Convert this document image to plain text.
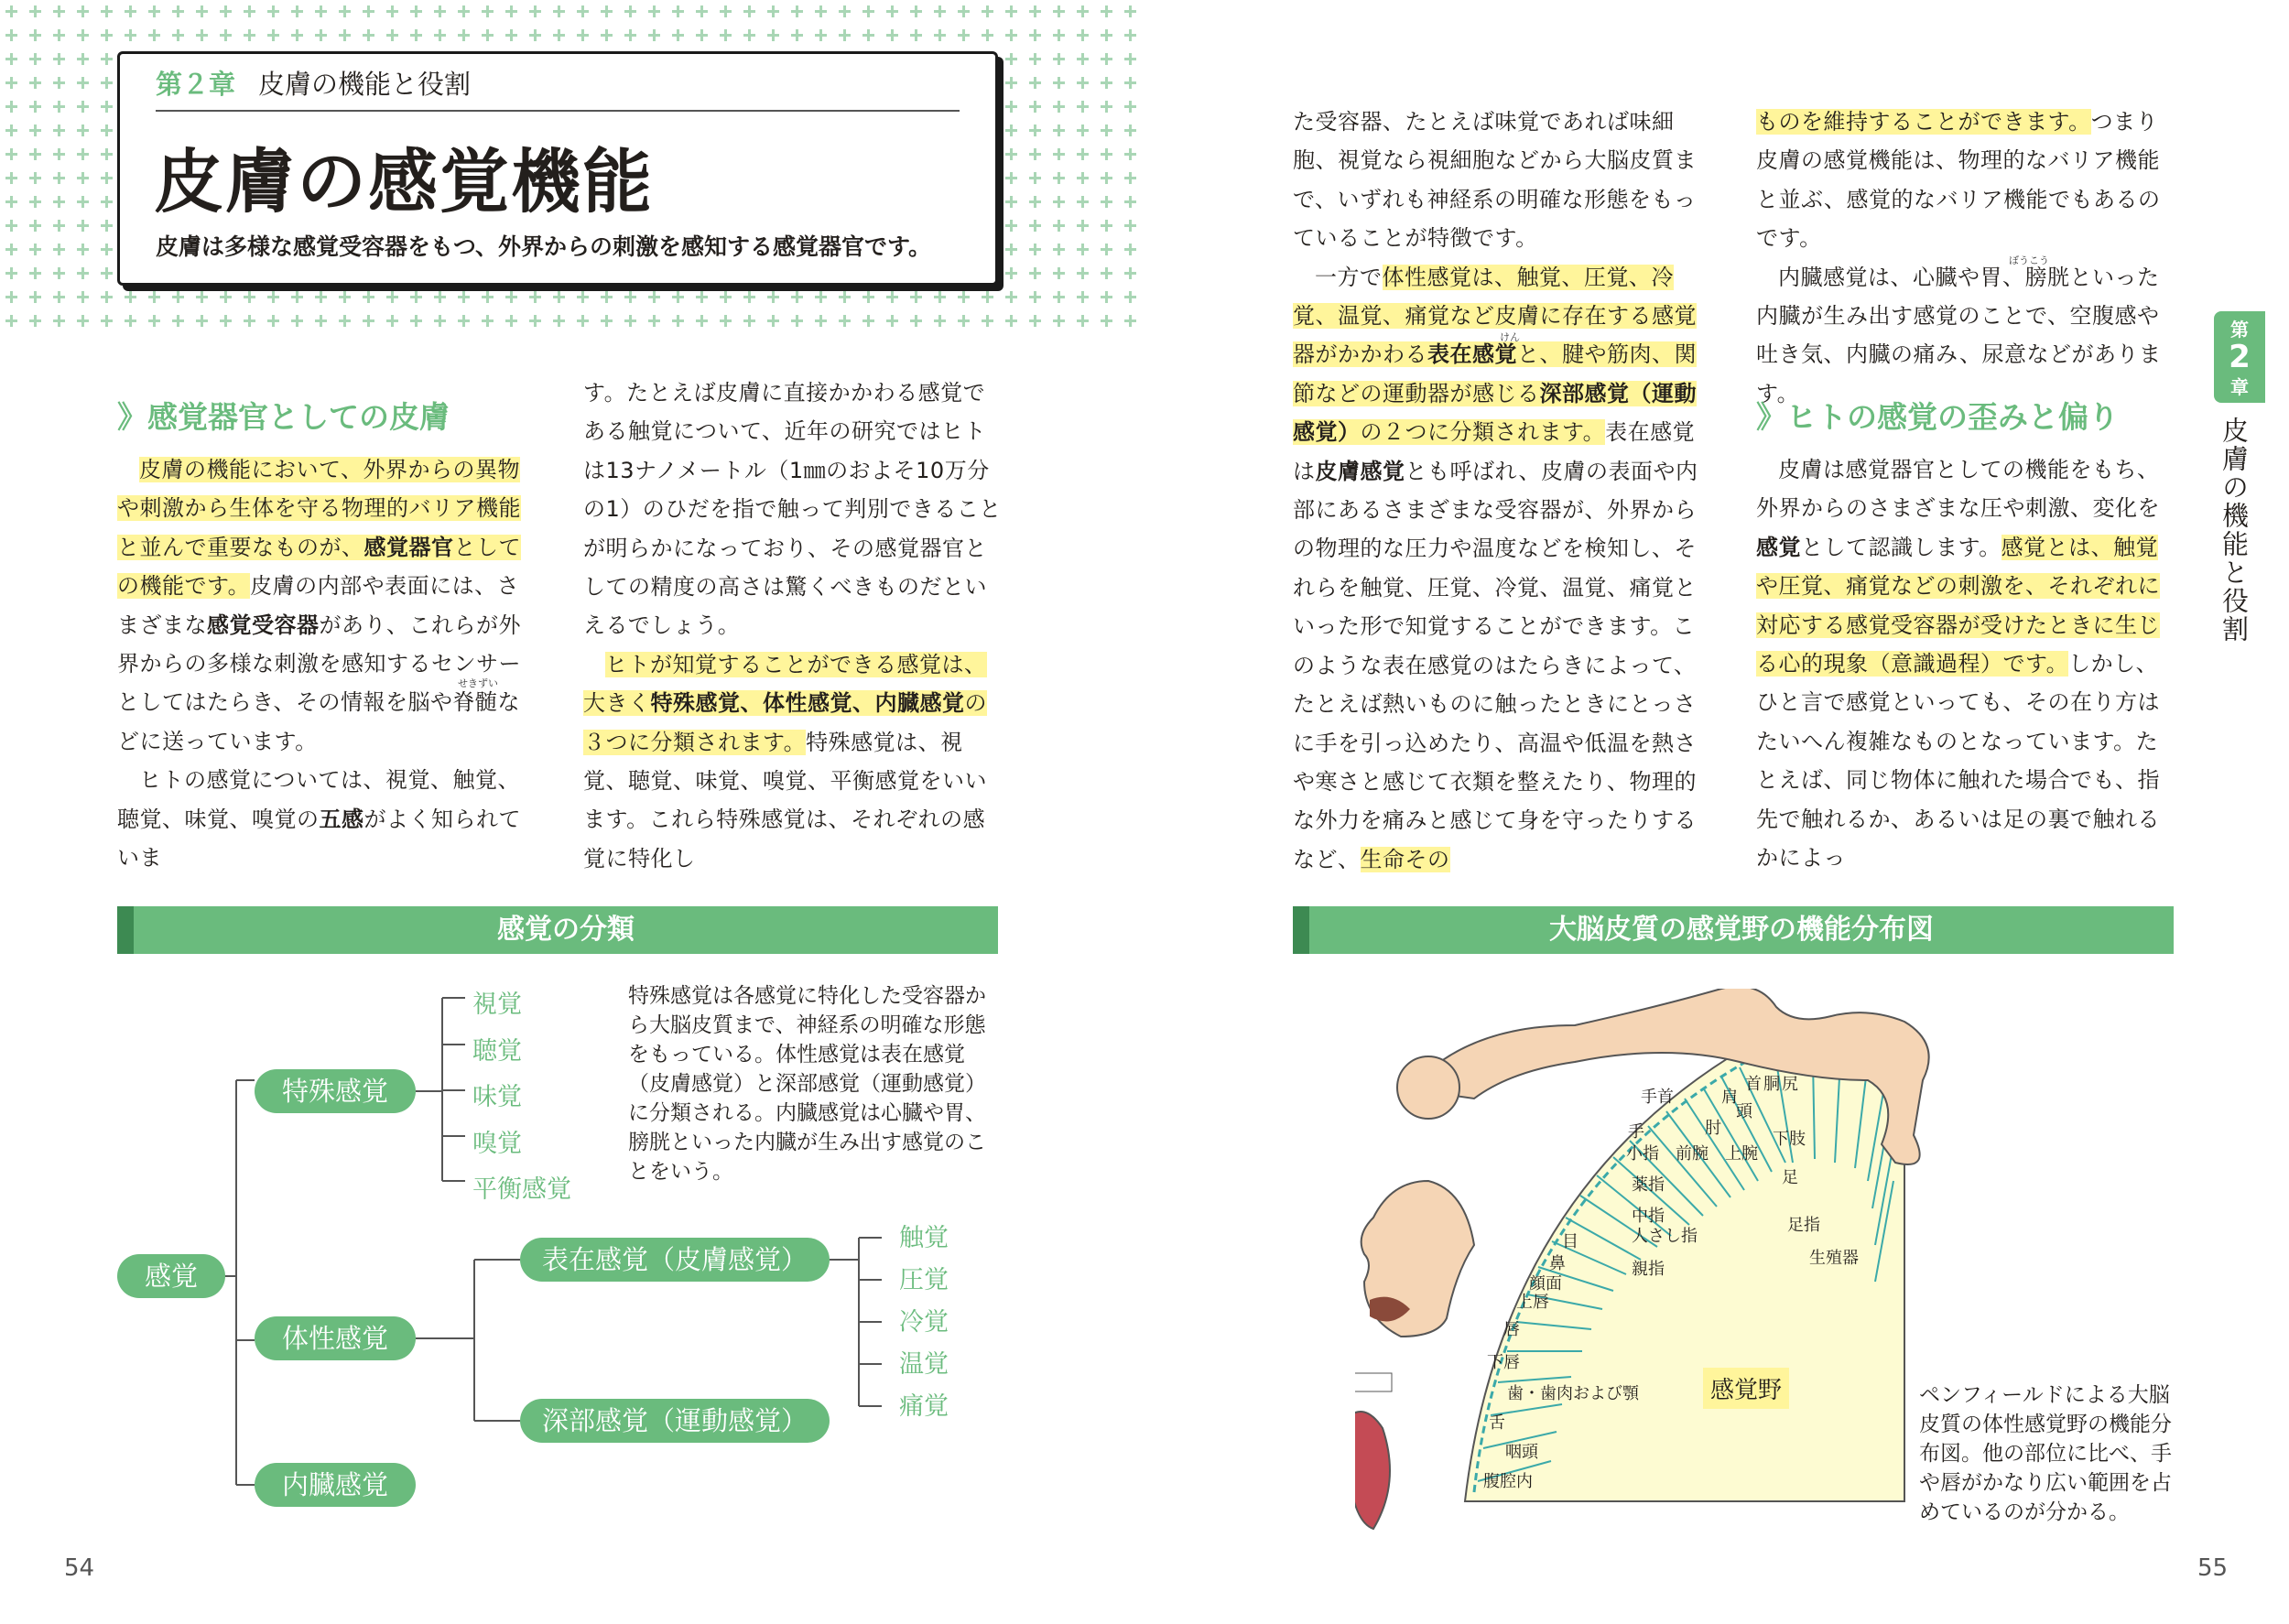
第２章 皮膚の機能と役割
皮膚の感覚機能
皮膚は多様な感覚受容器をもつ、外界からの刺激を感知する感覚器官です。
》感覚器官としての皮膚

皮膚の機能において、外界からの異物や刺激から生体を守る物理的バリア機能と並んで重要なものが、感覚器官としての機能です。皮膚の内部や表面には、さまざまな感覚受容器があり、これらが外界からの多様な刺激を感知するセンサーとしてはたらき、その情報を脳や脊髄などに送っています。

ヒトの感覚については、視覚、触覚、聴覚、味覚、嗅覚の五感がよく知られていま

せきずい

す。たとえば皮膚に直接かかわる感覚である触覚について、近年の研究ではヒトは13ナノメートル（1㎜のおよそ10万分の1）のひだを指で触って判別できることが明らかになっており、その感覚器官としての精度の高さは驚くべきものだといえるでしょう。

ヒトが知覚することができる感覚は、大きく特殊感覚、体性感覚、内臓感覚の３つに分類されます。特殊感覚は、視覚、聴覚、味覚、嗅覚、平衡感覚をいいます。これら特殊感覚は、それぞれの感覚に特化し

た受容器、たとえば味覚であれば味細胞、視覚なら視細胞などから大脳皮質まで、いずれも神経系の明確な形態をもっていることが特徴です。

一方で体性感覚は、触覚、圧覚、冷覚、温覚、痛覚など皮膚に存在する感覚器がかかわる表在感覚と、腱や筋肉、関節などの運動器が感じる深部感覚（運動感覚）の２つに分類されます。表在感覚は皮膚感覚とも呼ばれ、皮膚の表面や内部にあるさまざまな受容器が、外界からの物理的な圧力や温度などを検知し、それらを触覚、圧覚、冷覚、温覚、痛覚といった形で知覚することができます。このような表在感覚のはたらきによって、たとえば熱いものに触ったときにとっさに手を引っ込めたり、高温や低温を熱さや寒さと感じて衣類を整えたり、物理的な外力を痛みと感じて身を守ったりするなど、生命その

けん

ものを維持することができます。つまり皮膚の感覚機能は、物理的なバリア機能と並ぶ、感覚的なバリア機能でもあるのです。

内臓感覚は、心臓や胃、膀胱といった内臓が生み出す感覚のことで、空腹感や吐き気、内臓の痛み、尿意などがあります。

ぼうこう
》ヒトの感覚の歪みと偏り

皮膚は感覚器官としての機能をもち、外界からのさまざまな圧や刺激、変化を感覚として認識します。感覚とは、触覚や圧覚、痛覚などの刺激を、それぞれに対応する感覚受容器が受けたときに生じる心的現象（意識過程）です。しかし、ひと言で感覚といっても、その在り方はたいへん複雑なものとなっています。たとえば、同じ物体に触れた場合でも、指先で触れるか、あるいは足の裏で触れるかによっ

第
2
章
皮膚の機能と役割
感覚の分類
感覚
特殊感覚
体性感覚
内臓感覚
表在感覚（皮膚感覚）
深部感覚（運動感覚）
視覚
聴覚
味覚
嗅覚
平衡感覚
触覚
圧覚
冷覚
温覚
痛覚
特殊感覚は各感覚に特化した受容器から大脳皮質まで、神経系の明確な形態をもっている。体性感覚は表在感覚（皮膚感覚）と深部感覚（運動感覚）に分類される。内臓感覚は心臓や胃、膀胱といった内臓が生み出す感覚のことをいう。
大脳皮質の感覚野の機能分布図
手首	肩
首 胴 尻
頭
手	肘
下肢
小指 前腕 上腕
足
薬指
中指
人さし指
親指
足指
生殖器
目
鼻
顔面
上唇
唇
下唇
歯・歯肉および顎
舌
咽頭
腹腔内
感覚野	ペンフィールドによる大脳皮質の体性感覚野の機能分布図。他の部位に比べ、手や唇がかなり広い範囲を占めているのが分かる。
54	55
